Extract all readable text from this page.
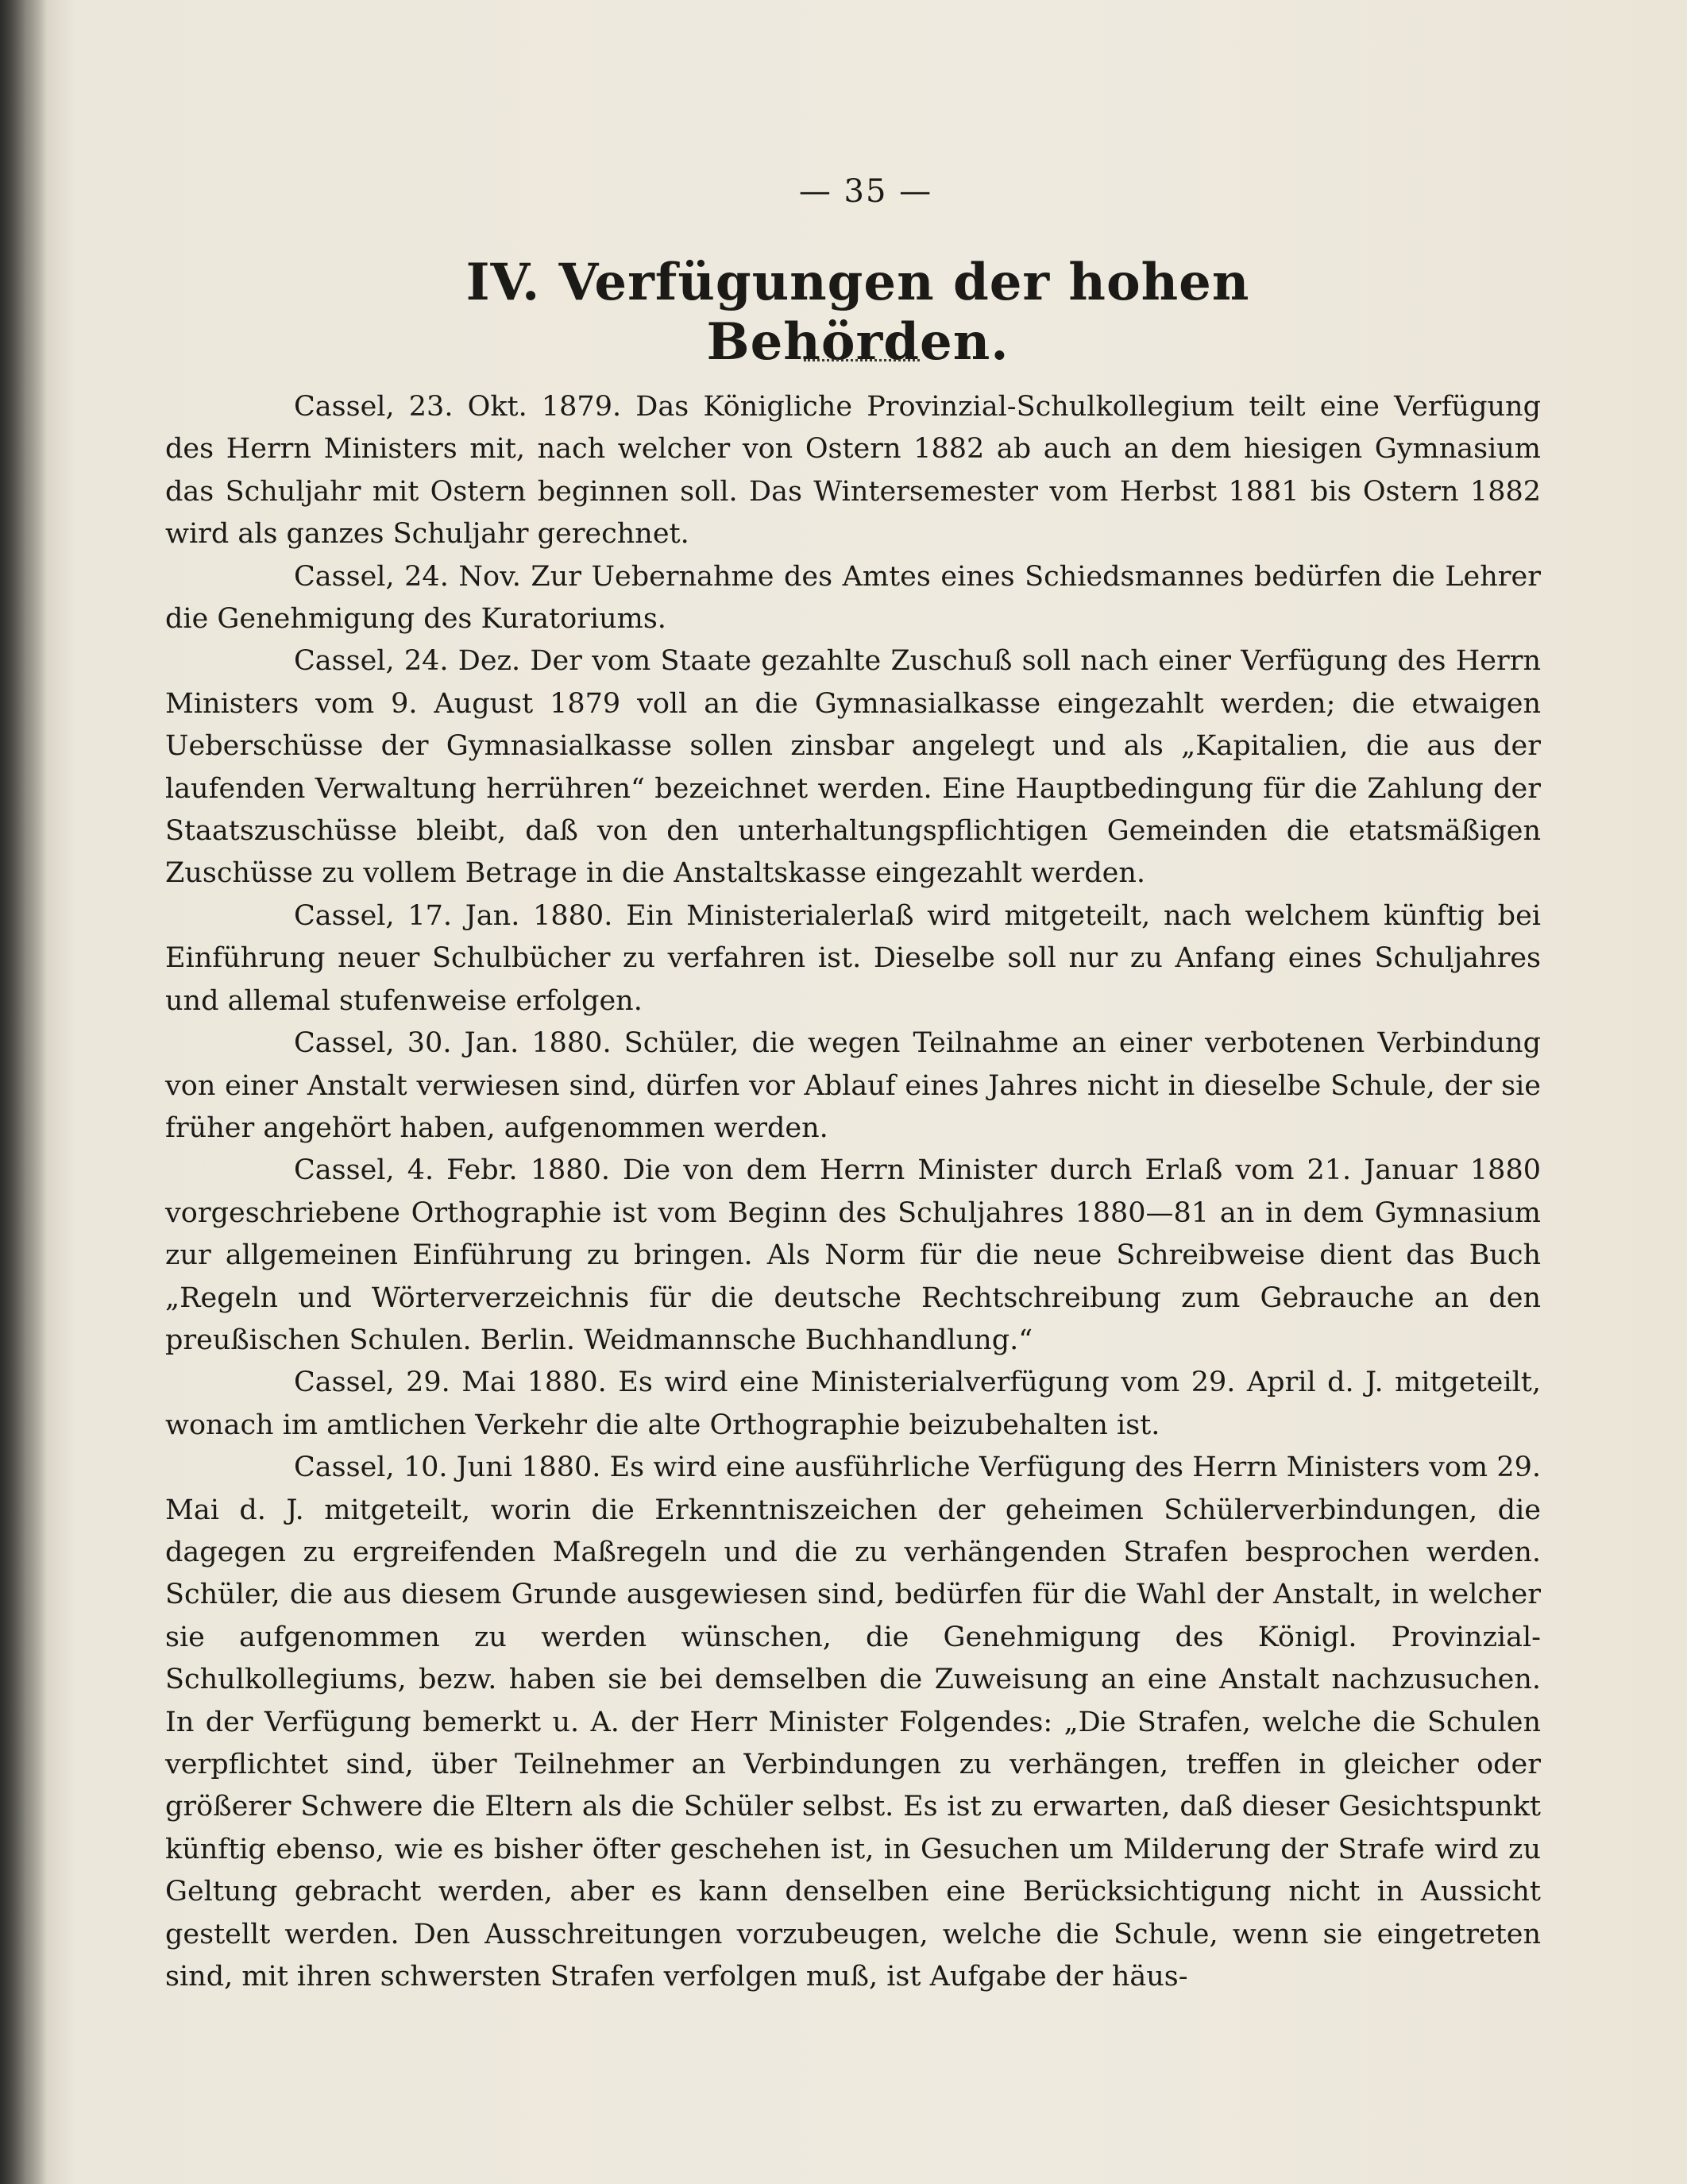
— 35 —
IV. Verfügungen der hohen Behörden.

Cassel, 23. Okt. 1879. Das Königliche Provinzial-Schulkollegium teilt eine Verfügung des Herrn Ministers mit, nach welcher von Ostern 1882 ab auch an dem hiesigen Gymnasium das Schuljahr mit Ostern beginnen soll. Das Wintersemester vom Herbst 1881 bis Ostern 1882 wird als ganzes Schuljahr gerechnet.

Cassel, 24. Nov. Zur Uebernahme des Amtes eines Schiedsmannes bedürfen die Lehrer die Genehmigung des Kuratoriums.

Cassel, 24. Dez. Der vom Staate gezahlte Zuschuß soll nach einer Verfügung des Herrn Ministers vom 9. August 1879 voll an die Gymnasialkasse eingezahlt werden; die etwaigen Ueberschüsse der Gymnasialkasse sollen zinsbar angelegt und als „Kapitalien, die aus der laufenden Verwaltung herrühren“ bezeichnet werden. Eine Hauptbedingung für die Zahlung der Staatszuschüsse bleibt, daß von den unterhaltungspflichtigen Gemeinden die etatsmäßigen Zuschüsse zu vollem Betrage in die Anstaltskasse eingezahlt werden.

Cassel, 17. Jan. 1880. Ein Ministerialerlaß wird mitgeteilt, nach welchem künftig bei Einführung neuer Schulbücher zu verfahren ist. Dieselbe soll nur zu Anfang eines Schuljahres und allemal stufenweise erfolgen.

Cassel, 30. Jan. 1880. Schüler, die wegen Teilnahme an einer verbotenen Verbindung von einer Anstalt verwiesen sind, dürfen vor Ablauf eines Jahres nicht in dieselbe Schule, der sie früher angehört haben, aufgenommen werden.

Cassel, 4. Febr. 1880. Die von dem Herrn Minister durch Erlaß vom 21. Januar 1880 vorgeschriebene Orthographie ist vom Beginn des Schuljahres 1880—81 an in dem Gymnasium zur allgemeinen Einführung zu bringen. Als Norm für die neue Schreibweise dient das Buch „Regeln und Wörterverzeichnis für die deutsche Rechtschreibung zum Gebrauche an den preußischen Schulen. Berlin. Weidmannsche Buchhandlung.“

Cassel, 29. Mai 1880. Es wird eine Ministerialverfügung vom 29. April d. J. mitgeteilt, wonach im amtlichen Verkehr die alte Orthographie beizubehalten ist.

Cassel, 10. Juni 1880. Es wird eine ausführliche Verfügung des Herrn Ministers vom 29. Mai d. J. mitgeteilt, worin die Erkenntniszeichen der geheimen Schülerverbindungen, die dagegen zu ergreifenden Maßregeln und die zu verhängenden Strafen besprochen werden. Schüler, die aus diesem Grunde ausgewiesen sind, bedürfen für die Wahl der Anstalt, in welcher sie aufgenommen zu werden wünschen, die Genehmigung des Königl. Provinzial-Schulkollegiums, bezw. haben sie bei demselben die Zuweisung an eine Anstalt nachzusuchen. In der Verfügung bemerkt u. A. der Herr Minister Folgendes: „Die Strafen, welche die Schulen verpflichtet sind, über Teilnehmer an Verbindungen zu verhängen, treffen in gleicher oder größerer Schwere die Eltern als die Schüler selbst. Es ist zu erwarten, daß dieser Gesichtspunkt künftig ebenso, wie es bisher öfter geschehen ist, in Gesuchen um Milderung der Strafe wird zu Geltung gebracht werden, aber es kann denselben eine Berücksichtigung nicht in Aussicht gestellt werden. Den Ausschreitungen vorzubeugen, welche die Schule, wenn sie eingetreten sind, mit ihren schwersten Strafen verfolgen muß, ist Aufgabe der häus-
